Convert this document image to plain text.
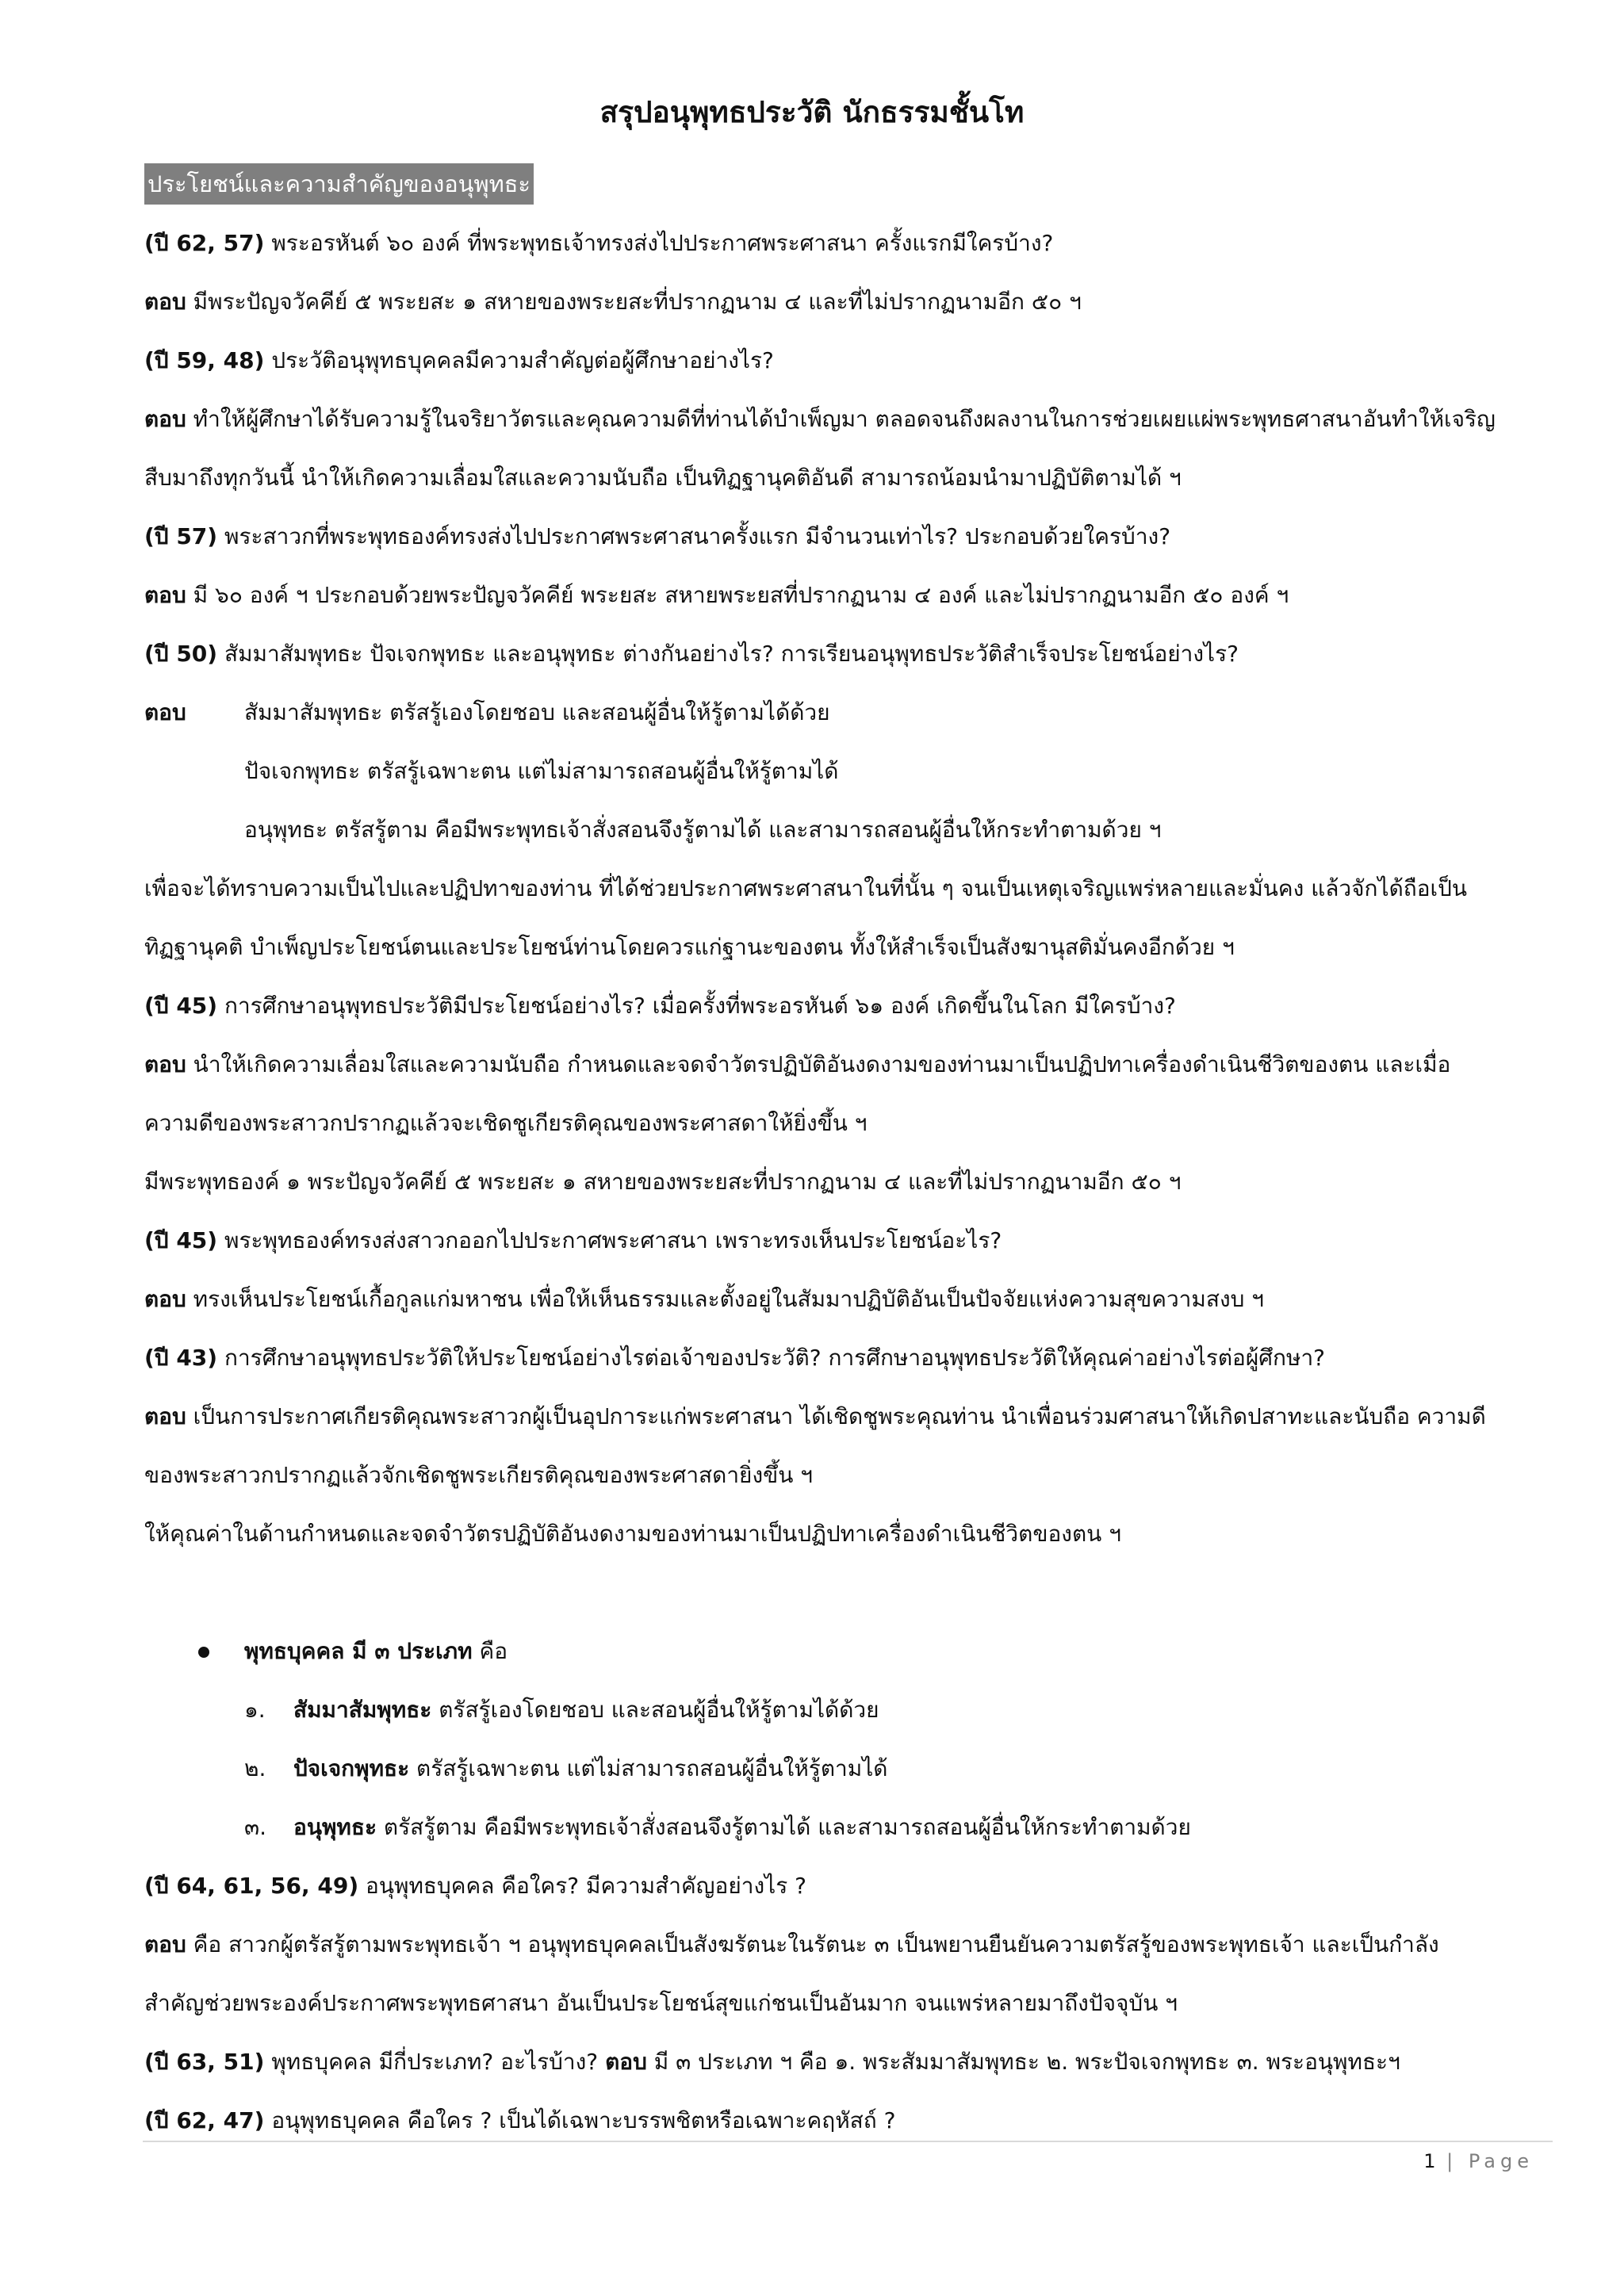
สรุปอนุพุทธประวัติ นักธรรมชั้นโท
ประโยชน์และความสำคัญของอนุพุทธะ
(ปี 62, 57) พระอรหันต์ ๖๐ องค์ ที่พระพุทธเจ้าทรงส่งไปประกาศพระศาสนา ครั้งแรกมีใครบ้าง?
ตอบ มีพระปัญจวัคคีย์ ๕ พระยสะ ๑ สหายของพระยสะที่ปรากฏนาม ๔ และที่ไม่ปรากฏนามอีก ๕๐ ฯ
(ปี 59, 48) ประวัติอนุพุทธบุคคลมีความสำคัญต่อผู้ศึกษาอย่างไร?
ตอบ ทำให้ผู้ศึกษาได้รับความรู้ในจริยาวัตรและคุณความดีที่ท่านได้บำเพ็ญมา ตลอดจนถึงผลงานในการช่วยเผยแผ่พระพุทธศาสนาอันทำให้เจริญ
สืบมาถึงทุกวันนี้ นำให้เกิดความเลื่อมใสและความนับถือ เป็นทิฏฐานุคติอันดี สามารถน้อมนำมาปฏิบัติตามได้ ฯ
(ปี 57) พระสาวกที่พระพุทธองค์ทรงส่งไปประกาศพระศาสนาครั้งแรก มีจำนวนเท่าไร? ประกอบด้วยใครบ้าง?
ตอบ มี ๖๐ องค์ ฯ ประกอบด้วยพระปัญจวัคคีย์ พระยสะ สหายพระยสที่ปรากฏนาม ๔ องค์ และไม่ปรากฏนามอีก ๕๐ องค์ ฯ
(ปี 50) สัมมาสัมพุทธะ ปัจเจกพุทธะ และอนุพุทธะ ต่างกันอย่างไร? การเรียนอนุพุทธประวัติสำเร็จประโยชน์อย่างไร?
ตอบ	สัมมาสัมพุทธะ ตรัสรู้เองโดยชอบ และสอนผู้อื่นให้รู้ตามได้ด้วย
ปัจเจกพุทธะ ตรัสรู้เฉพาะตน แต่ไม่สามารถสอนผู้อื่นให้รู้ตามได้
อนุพุทธะ ตรัสรู้ตาม คือมีพระพุทธเจ้าสั่งสอนจึงรู้ตามได้ และสามารถสอนผู้อื่นให้กระทำตามด้วย ฯ
เพื่อจะได้ทราบความเป็นไปและปฏิปทาของท่าน ที่ได้ช่วยประกาศพระศาสนาในที่นั้น ๆ จนเป็นเหตุเจริญแพร่หลายและมั่นคง แล้วจักได้ถือเป็น
ทิฏฐานุคติ บำเพ็ญประโยชน์ตนและประโยชน์ท่านโดยควรแก่ฐานะของตน ทั้งให้สำเร็จเป็นสังฆานุสติมั่นคงอีกด้วย ฯ
(ปี 45) การศึกษาอนุพุทธประวัติมีประโยชน์อย่างไร? เมื่อครั้งที่พระอรหันต์ ๖๑ องค์ เกิดขึ้นในโลก มีใครบ้าง?
ตอบ นำให้เกิดความเลื่อมใสและความนับถือ กำหนดและจดจำวัตรปฏิบัติอันงดงามของท่านมาเป็นปฏิปทาเครื่องดำเนินชีวิตของตน และเมื่อ
ความดีของพระสาวกปรากฏแล้วจะเชิดชูเกียรติคุณของพระศาสดาให้ยิ่งขึ้น ฯ
มีพระพุทธองค์ ๑ พระปัญจวัคคีย์ ๕ พระยสะ ๑ สหายของพระยสะที่ปรากฏนาม ๔ และที่ไม่ปรากฏนามอีก ๕๐ ฯ
(ปี 45) พระพุทธองค์ทรงส่งสาวกออกไปประกาศพระศาสนา เพราะทรงเห็นประโยชน์อะไร?
ตอบ ทรงเห็นประโยชน์เกื้อกูลแก่มหาชน เพื่อให้เห็นธรรมและตั้งอยู่ในสัมมาปฏิบัติอันเป็นปัจจัยแห่งความสุขความสงบ ฯ
(ปี 43) การศึกษาอนุพุทธประวัติให้ประโยชน์อย่างไรต่อเจ้าของประวัติ? การศึกษาอนุพุทธประวัติให้คุณค่าอย่างไรต่อผู้ศึกษา?
ตอบ เป็นการประกาศเกียรติคุณพระสาวกผู้เป็นอุปการะแก่พระศาสนา ได้เชิดชูพระคุณท่าน นำเพื่อนร่วมศาสนาให้เกิดปสาทะและนับถือ ความดี
ของพระสาวกปรากฏแล้วจักเชิดชูพระเกียรติคุณของพระศาสดายิ่งขึ้น ฯ
ให้คุณค่าในด้านกำหนดและจดจำวัตรปฏิบัติอันงดงามของท่านมาเป็นปฏิปทาเครื่องดำเนินชีวิตของตน ฯ
พุทธบุคคล มี ๓ ประเภท คือ
๑. สัมมาสัมพุทธะ ตรัสรู้เองโดยชอบ และสอนผู้อื่นให้รู้ตามได้ด้วย
๒. ปัจเจกพุทธะ ตรัสรู้เฉพาะตน แต่ไม่สามารถสอนผู้อื่นให้รู้ตามได้
๓. อนุพุทธะ ตรัสรู้ตาม คือมีพระพุทธเจ้าสั่งสอนจึงรู้ตามได้ และสามารถสอนผู้อื่นให้กระทำตามด้วย
(ปี 64, 61, 56, 49) อนุพุทธบุคคล คือใคร? มีความสำคัญอย่างไร ?
ตอบ คือ สาวกผู้ตรัสรู้ตามพระพุทธเจ้า ฯ อนุพุทธบุคคลเป็นสังฆรัตนะในรัตนะ ๓ เป็นพยานยืนยันความตรัสรู้ของพระพุทธเจ้า และเป็นกำลัง
สำคัญช่วยพระองค์ประกาศพระพุทธศาสนา อันเป็นประโยชน์สุขแก่ชนเป็นอันมาก จนแพร่หลายมาถึงปัจจุบัน ฯ
(ปี 63, 51) พุทธบุคคล มีกี่ประเภท? อะไรบ้าง? ตอบ มี ๓ ประเภท ฯ คือ ๑. พระสัมมาสัมพุทธะ ๒. พระปัจเจกพุทธะ ๓. พระอนุพุทธะฯ
(ปี 62, 47) อนุพุทธบุคคล คือใคร ? เป็นได้เฉพาะบรรพชิตหรือเฉพาะคฤหัสถ์ ?
1 | Page
